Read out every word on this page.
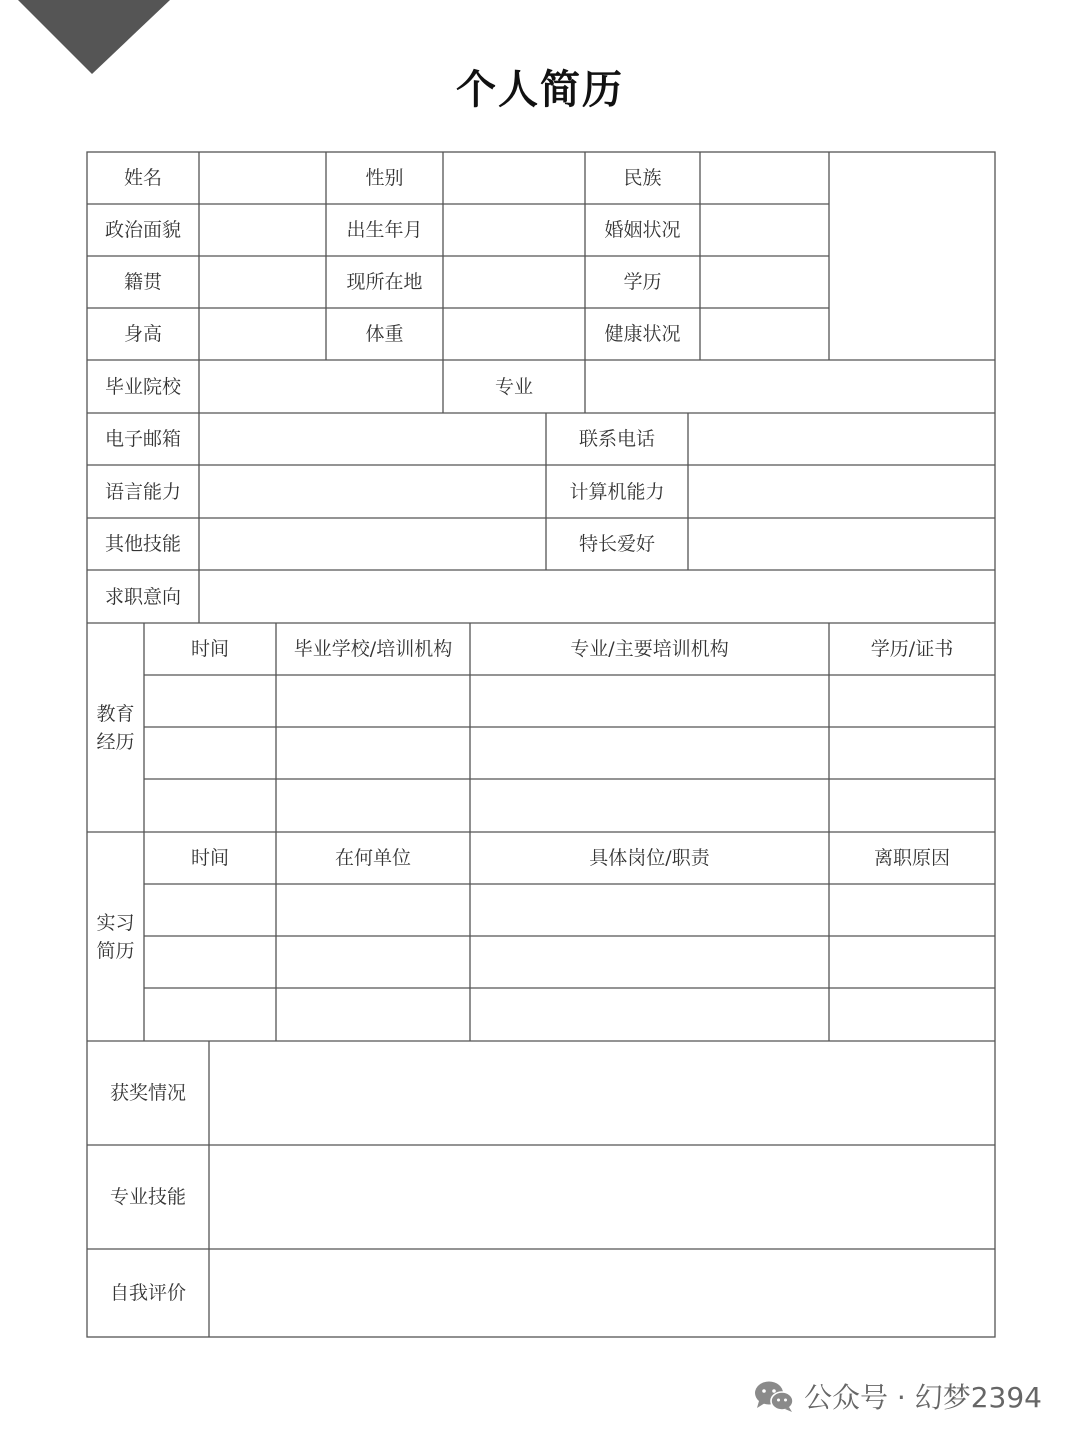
个人简历
姓名	性别	民族
政治面貌	出生年月	婚姻状况
籍贯	现所在地	学历
身高	体重	健康状况
毕业院校	专业
电子邮箱	联系电话
语言能力	计算机能力
其他技能	特长爱好
求职意向
教育
经历
时间	毕业学校/培训机构	专业/主要培训机构	学历/证书
实习
简历
时间	在何单位	具体岗位/职责	离职原因
获奖情况
专业技能
自我评价
公众号 · 幻梦2394
